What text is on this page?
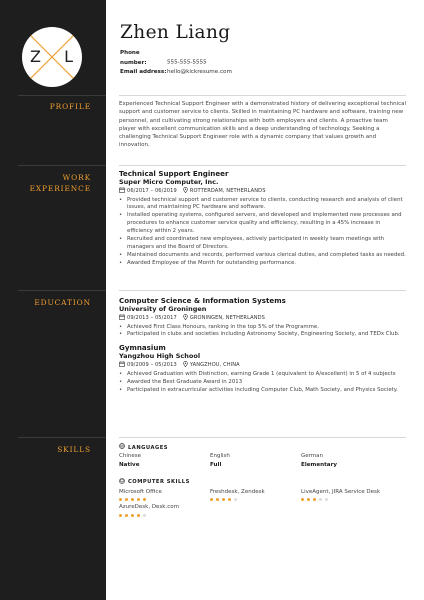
Z L
PROFILE
WORK
EXPERIENCE
EDUCATION
SKILLS
Zhen Liang
Phone number:	555-555-5555
Email address:hello@kickresume.com
Experienced Technical Support Engineer with a demonstrated history of delivering exceptional technical support and customer service to clients. Skilled in maintaining PC hardware and software, training new personnel, and cultivating strong relationships with both employers and clients. A proactive team player with excellent communication skills and a deep understanding of technology. Seeking a challenging Technical Support Engineer role with a dynamic company that values growth and innovation.
Technical Support Engineer
Super Micro Computer, Inc.
06/2017 – 06/2019	ROTTERDAM, NETHERLANDS
• Provided technical support and customer service to clients, conducting research and analysis of client issues, and maintaining PC hardware and software.
• Installed operating systems, configured servers, and developed and implemented new processes and procedures to enhance customer service quality and efficiency, resulting in a 45% increase in efficiency within 2 years.
• Recruited and coordinated new employees, actively participated in weekly team meetings with managers and the Board of Directors.
• Maintained documents and records, performed various clerical duties, and completed tasks as needed.
• Awarded Employee of the Month for outstanding performance.
Computer Science & Information Systems
University of Groningen
09/2013 – 05/2017	GRONINGEN, NETHERLANDS
• Achieved First Class Honours, ranking in the top 5% of the Programme.
• Participated in clubs and societies including Astronomy Society, Engineering Society, and TEDx Club.
Gymnasium
Yangzhou High School
09/2009 – 05/2013	YANGZHOU, CHINA
• Achieved Graduation with Distinction, earning Grade 1 (equivalent to A/excellent) in 5 of 4 subjects
• Awarded the Best Graduate Award in 2013
• Participated in extracurricular activities including Computer Club, Math Society, and Physics Society.
LANGUAGES
Chinese
Native
English
Full
German
Elementary
COMPUTER SKILLS
Microsoft Office	Freshdesk, Zendesk	LiveAgent, JIRA Service Desk
AzureDesk, Desk.com
